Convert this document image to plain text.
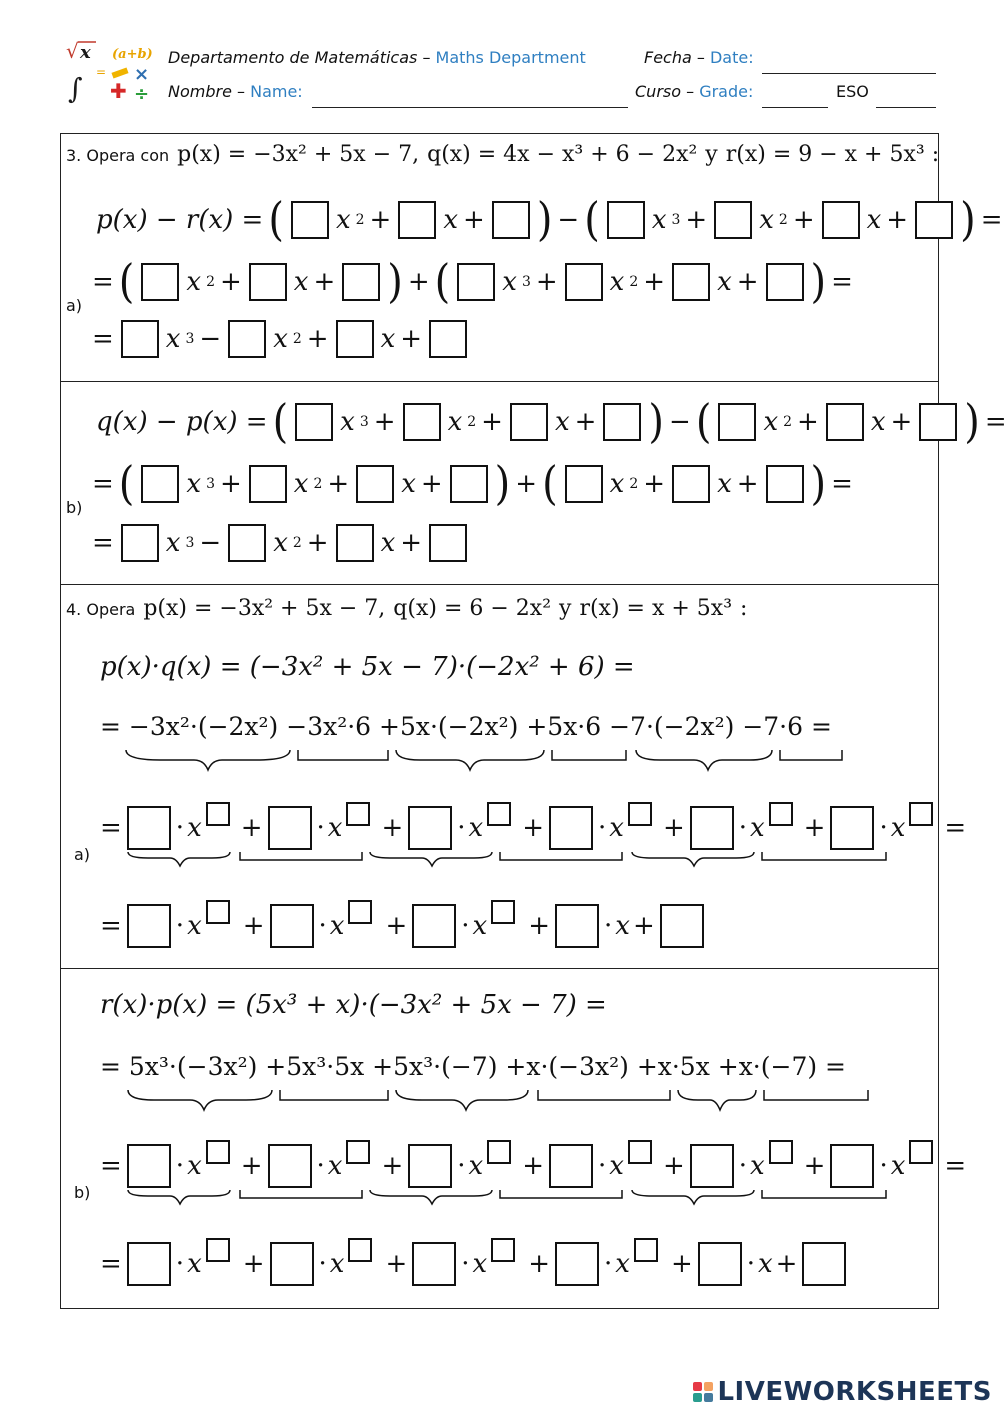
√ x (a+b)
∫ = ×
✚ ÷
Departamento de Matemáticas – Maths Department	Fecha – Date:
Nombre – Name:	Curso – Grade:	ESO
3. Opera con p(x) = −3x² + 5x − 7, q(x) = 4x − x³ + 6 − 2x² y r(x) = 9 − x + 5x³ :
a)
p(x) − r(x) = ( x 2 + x + ) − ( x 3 + x 2 + x + ) =
= ( x 2 + x + ) + ( x 3 + x 2 + x + ) =
= x 3 − x 2 + x +
b)
q(x) − p(x) = ( x 3 + x 2 + x + ) − ( x 2 + x + ) =
= ( x 3 + x 2 + x + ) + ( x 2 + x + ) =
= x 3 − x 2 + x +
4. Opera p(x) = −3x² + 5x − 7, q(x) = 6 − 2x² y r(x) = x + 5x³ :
p(x)·q(x) = (−3x² + 5x − 7)·(−2x² + 6) =
= −3x²·(−2x²) −3x²·6 +5x·(−2x²) +5x·6 −7·(−2x²) −7·6 =
a)
= · x + · x + · x + · x + · x + · x =
= · x + · x + · x + · x +
r(x)·p(x) = (5x³ + x)·(−3x² + 5x − 7) =
= 5x³·(−3x²) +5x³·5x +5x³·(−7) +x·(−3x²) +x·5x +x·(−7) =
b)
= · x + · x + · x + · x + · x + · x =
= · x + · x + · x + · x + · x +
LIVEWORKSHEETS
